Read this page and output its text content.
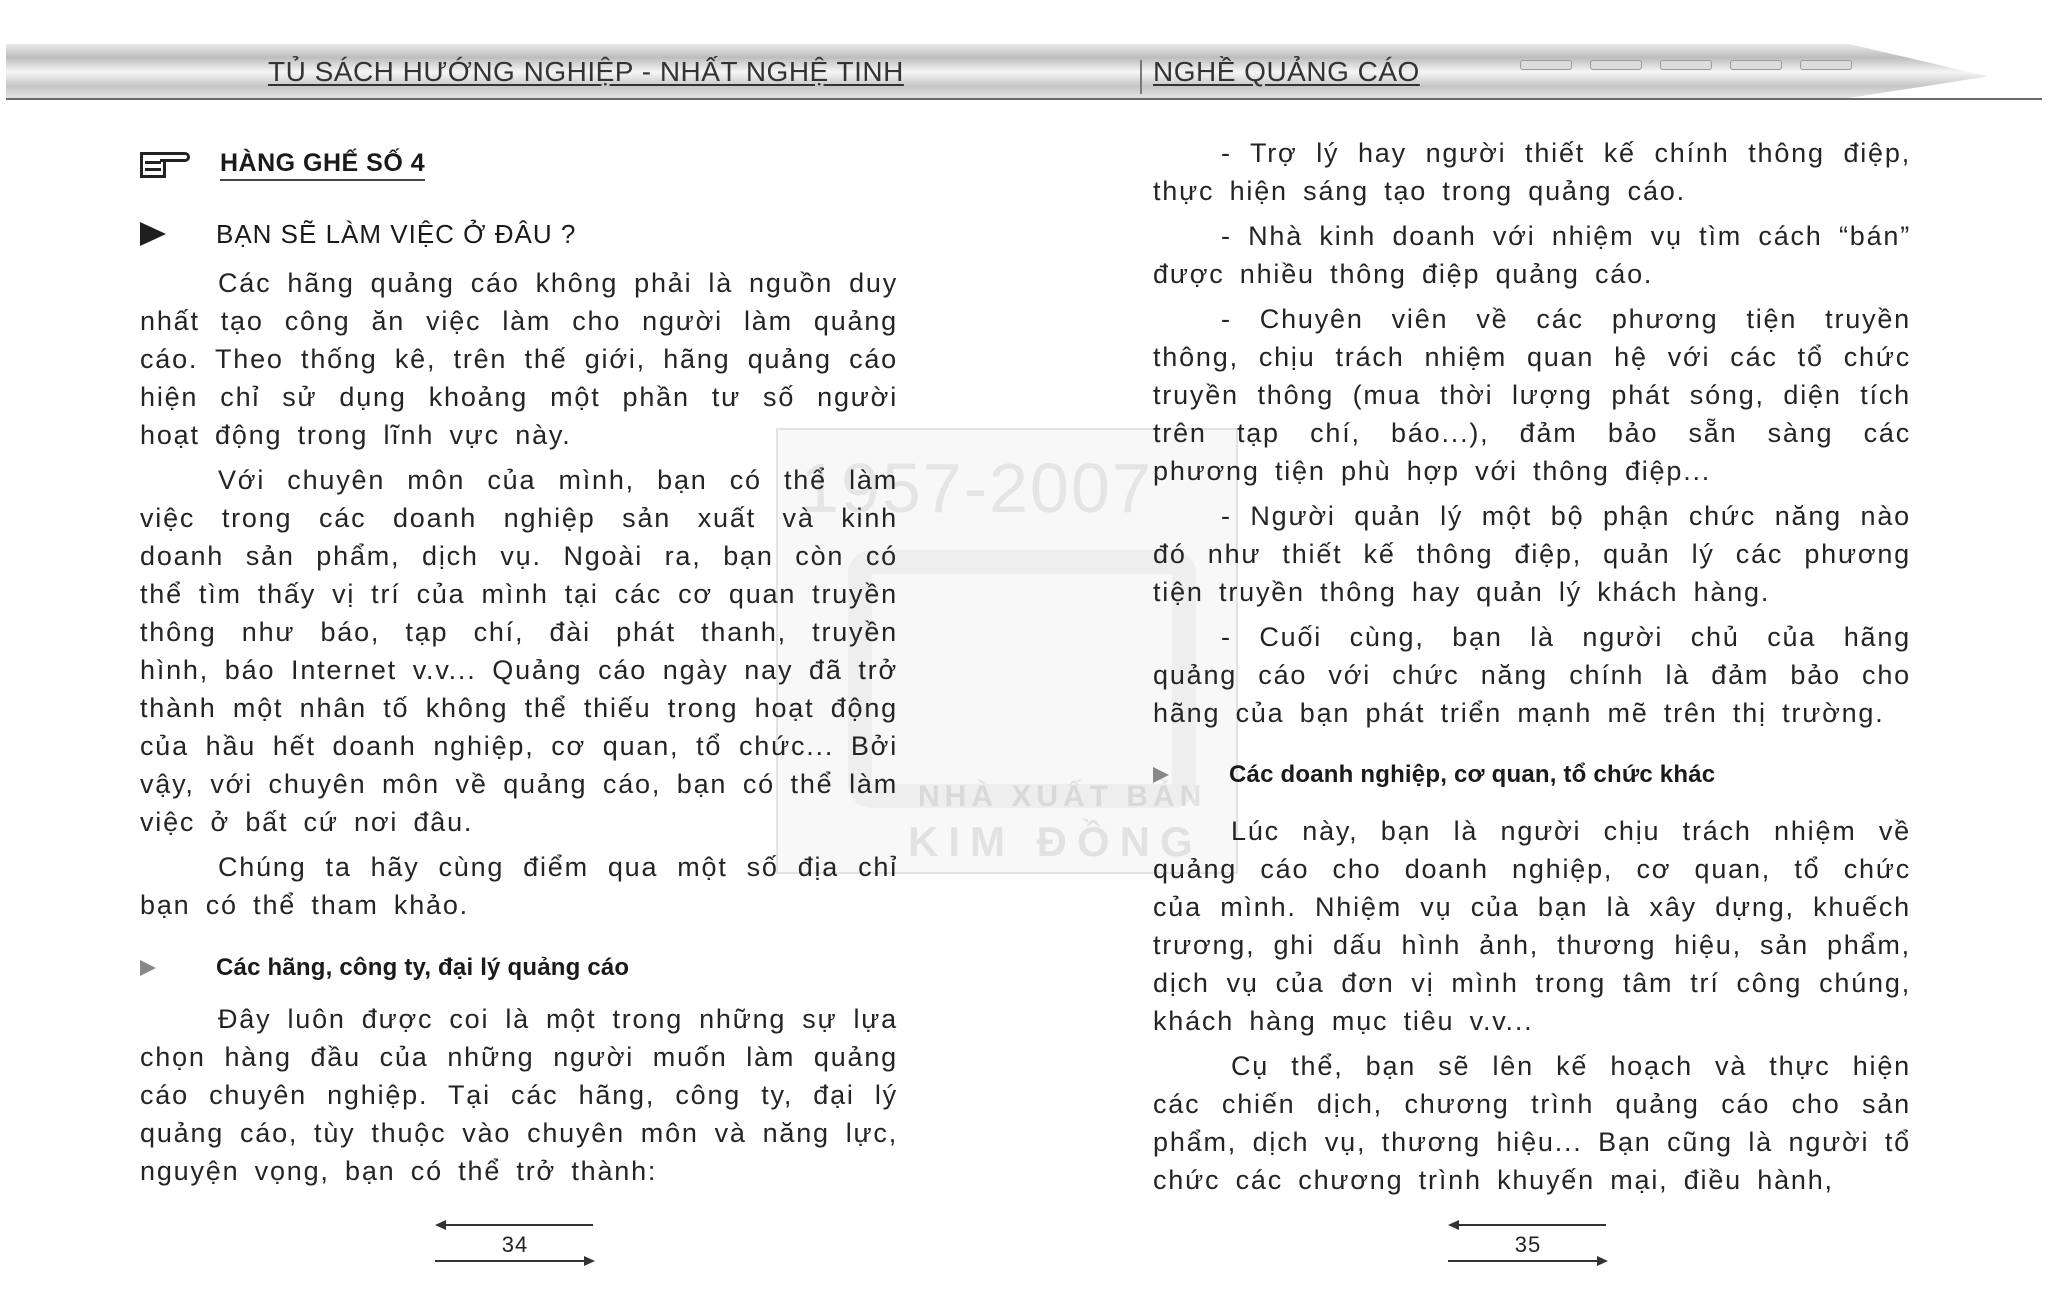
TỦ SÁCH HƯỚNG NGHIỆP - NHẤT NGHỆ TINH	NGHỀ QUẢNG CÁO
1957-2007
NHÀ XUẤT BẢN
KIM ĐỒNG
HÀNG GHẾ SỐ 4
BẠN SẼ LÀM VIỆC Ở ĐÂU ?

Các hãng quảng cáo không phải là nguồn duy nhất tạo công ăn việc làm cho người làm quảng cáo. Theo thống kê, trên thế giới, hãng quảng cáo hiện chỉ sử dụng khoảng một phần tư số người hoạt động trong lĩnh vực này.

Với chuyên môn của mình, bạn có thể làm việc trong các doanh nghiệp sản xuất và kinh doanh sản phẩm, dịch vụ. Ngoài ra, bạn còn có thể tìm thấy vị trí của mình tại các cơ quan truyền thông như báo, tạp chí, đài phát thanh, truyền hình, báo Internet v.v... Quảng cáo ngày nay đã trở thành một nhân tố không thể thiếu trong hoạt động của hầu hết doanh nghiệp, cơ quan, tổ chức... Bởi vậy, với chuyên môn về quảng cáo, bạn có thể làm việc ở bất cứ nơi đâu.

Chúng ta hãy cùng điểm qua một số địa chỉ bạn có thể tham khảo.

Các hãng, công ty, đại lý quảng cáo

Đây luôn được coi là một trong những sự lựa chọn hàng đầu của những người muốn làm quảng cáo chuyên nghiệp. Tại các hãng, công ty, đại lý quảng cáo, tùy thuộc vào chuyên môn và năng lực, nguyện vọng, bạn có thể trở thành:

34

- Trợ lý hay người thiết kế chính thông điệp, thực hiện sáng tạo trong quảng cáo.

- Nhà kinh doanh với nhiệm vụ tìm cách “bán” được nhiều thông điệp quảng cáo.

- Chuyên viên về các phương tiện truyền thông, chịu trách nhiệm quan hệ với các tổ chức truyền thông (mua thời lượng phát sóng, diện tích trên tạp chí, báo...), đảm bảo sẵn sàng các phương tiện phù hợp với thông điệp...

- Người quản lý một bộ phận chức năng nào đó như thiết kế thông điệp, quản lý các phương tiện truyền thông hay quản lý khách hàng.

- Cuối cùng, bạn là người chủ của hãng quảng cáo với chức năng chính là đảm bảo cho hãng của bạn phát triển mạnh mẽ trên thị trường.

Các doanh nghiệp, cơ quan, tổ chức khác

Lúc này, bạn là người chịu trách nhiệm về quảng cáo cho doanh nghiệp, cơ quan, tổ chức của mình. Nhiệm vụ của bạn là xây dựng, khuếch trương, ghi dấu hình ảnh, thương hiệu, sản phẩm, dịch vụ của đơn vị mình trong tâm trí công chúng, khách hàng mục tiêu v.v...

Cụ thể, bạn sẽ lên kế hoạch và thực hiện các chiến dịch, chương trình quảng cáo cho sản phẩm, dịch vụ, thương hiệu... Bạn cũng là người tổ chức các chương trình khuyến mại, điều hành,

35
